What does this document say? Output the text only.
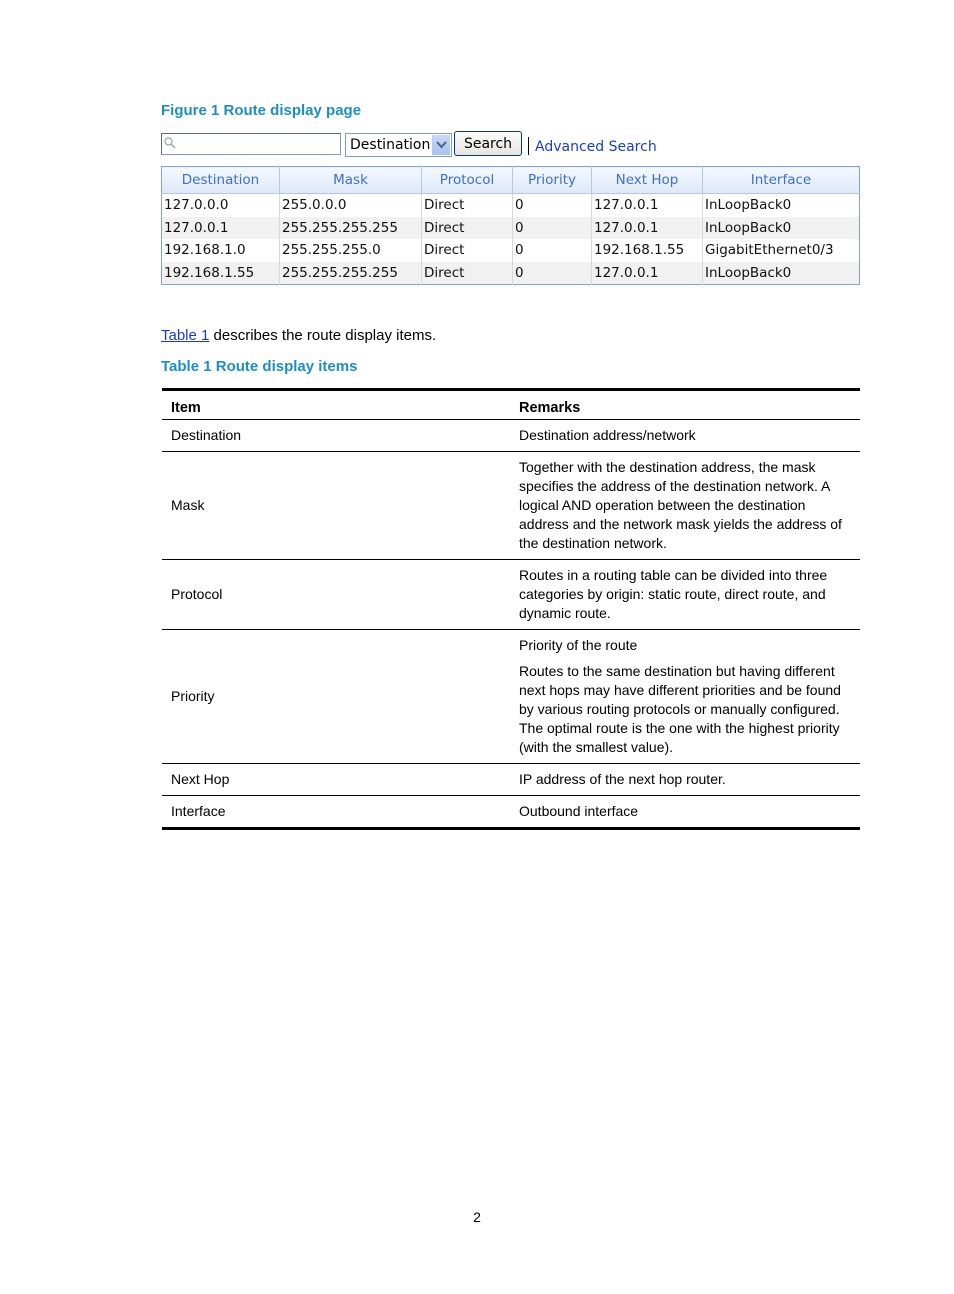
Figure 1 Route display page
Destination	Search	Advanced Search
Destination	Mask	Protocol	Priority	Next Hop	Interface
127.0.0.0	255.0.0.0	Direct	0	127.0.0.1	InLoopBack0
127.0.0.1	255.255.255.255	Direct	0	127.0.0.1	InLoopBack0
192.168.1.0	255.255.255.0	Direct	0	192.168.1.55	GigabitEthernet0/3
192.168.1.55	255.255.255.255	Direct	0	127.0.0.1	InLoopBack0
Table 1 describes the route display items.
Table 1 Route display items
Item	Remarks
Destination	Destination address/network

Mask	Together with the destination address, the mask specifies the address of the destination network. A logical AND operation between the destination address and the network mask yields the address of the destination network.

Protocol	Routes in a routing table can be divided into three categories by origin: static route, direct route, and dynamic route.

Priority	Priority of the route

Routes to the same destination but having different next hops may have different priorities and be found by various routing protocols or manually configured. The optimal route is the one with the highest priority (with the smallest value).

Next Hop	IP address of the next hop router.

Interface	Outbound interface

2
